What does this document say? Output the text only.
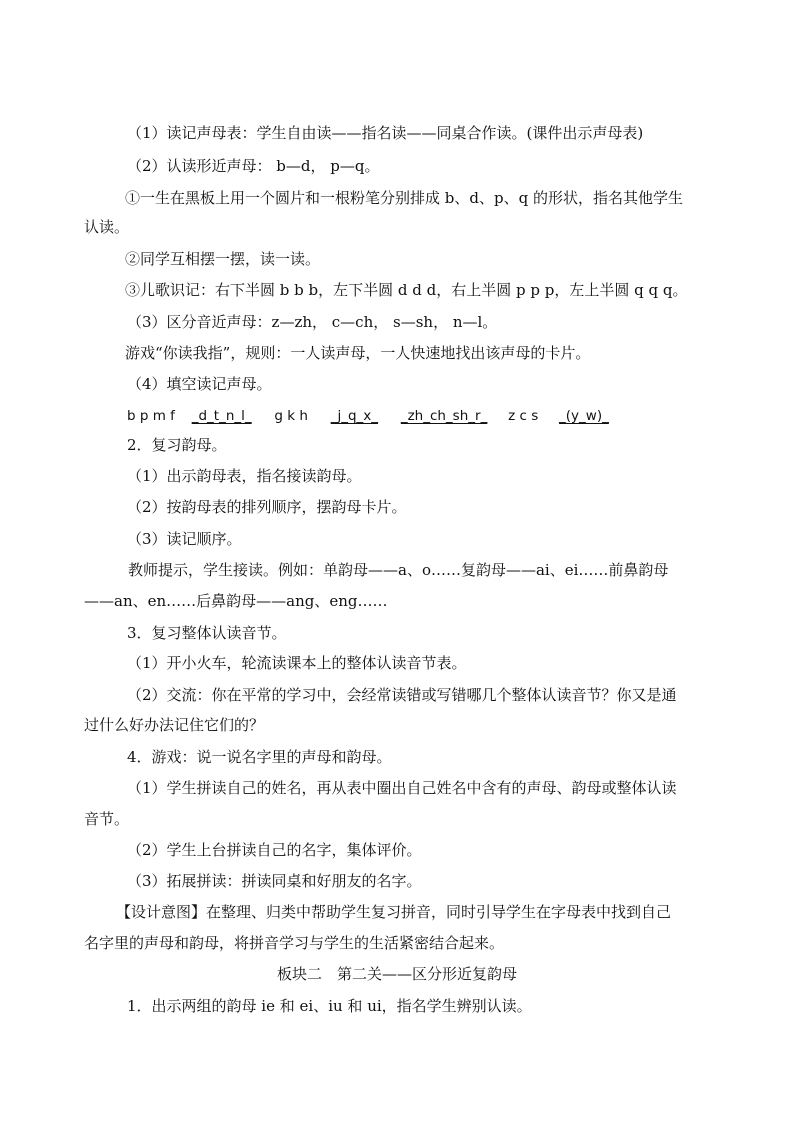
（1）读记声母表：学生自由读——指名读——同桌合作读。(课件出示声母表)
（2）认读形近声母： b—d， p—q。
①一生在黑板上用一个圆片和一根粉笔分别排成 b、d、p、q 的形状，指名其他学生
认读。
②同学互相摆一摆，读一读。
③儿歌识记：右下半圆 b b b，左下半圆 d d d，右上半圆 p p p，左上半圆 q q q。
（3）区分音近声母：z—zh， c—ch， s—sh， n—l。
游戏“你读我指”，规则：一人读声母，一人快速地找出该声母的卡片。
（4）填空读记声母。
b p m f _d_t_n_l_ g k h _j_q_x_ _zh_ch_sh_r_ z c s _(y_w)_
2．复习韵母。
（1）出示韵母表，指名接读韵母。
（2）按韵母表的排列顺序，摆韵母卡片。
（3）读记顺序。
教师提示，学生接读。例如：单韵母——a、o……复韵母——ai、ei……前鼻韵母
——an、en……后鼻韵母——ang、eng……
3．复习整体认读音节。
（1）开小火车，轮流读课本上的整体认读音节表。
（2）交流：你在平常的学习中，会经常读错或写错哪几个整体认读音节？你又是通
过什么好办法记住它们的？
4．游戏：说一说名字里的声母和韵母。
（1）学生拼读自己的姓名，再从表中圈出自己姓名中含有的声母、韵母或整体认读
音节。
（2）学生上台拼读自己的名字，集体评价。
（3）拓展拼读：拼读同桌和好朋友的名字。
【设计意图】在整理、归类中帮助学生复习拼音，同时引导学生在字母表中找到自己
名字里的声母和韵母，将拼音学习与学生的生活紧密结合起来。
板块二　第二关——区分形近复韵母
1．出示两组的韵母 ie 和 ei、iu 和 ui，指名学生辨别认读。
